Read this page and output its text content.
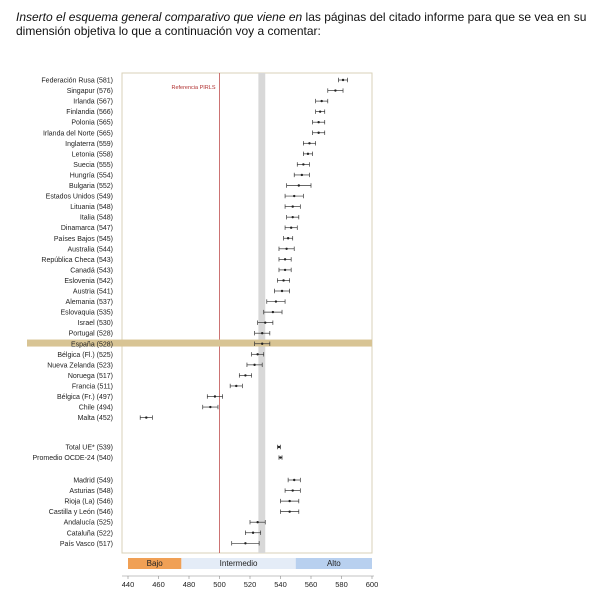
Inserto el esquema general comparativo que viene en las páginas del citado informe para que se vea en su dimensión objetiva lo que a continuación voy a comentar:
Referencia PIRLS
Federación Rusa (581)
Singapur (576)
Irlanda (567)
Finlandia (566)
Polonia (565)
Irlanda del Norte (565)
Inglaterra (559)
Letonia (558)
Suecia (555)
Hungría (554)
Bulgaria (552)
Estados Unidos (549)
Lituania (548)
Italia (548)
Dinamarca (547)
Países Bajos (545)
Australia (544)
República Checa (543)
Canadá (543)
Eslovenia (542)
Austria (541)
Alemania (537)
Eslovaquia (535)
Israel (530)
Portugal (528)
España (528)
Bélgica (Fl.) (525)
Nueva Zelanda (523)
Noruega (517)
Francia (511)
Bélgica (Fr.) (497)
Chile (494)
Malta (452)
Total UE* (539)
Promedio OCDE-24 (540)
Madrid (549)
Asturias (548)
Rioja (La) (546)
Castilla y León (546)
Andalucía (525)
Cataluña (522)
País Vasco (517)
Bajo	Intermedio	Alto
440 460 480 500 520 540 560 580 600
